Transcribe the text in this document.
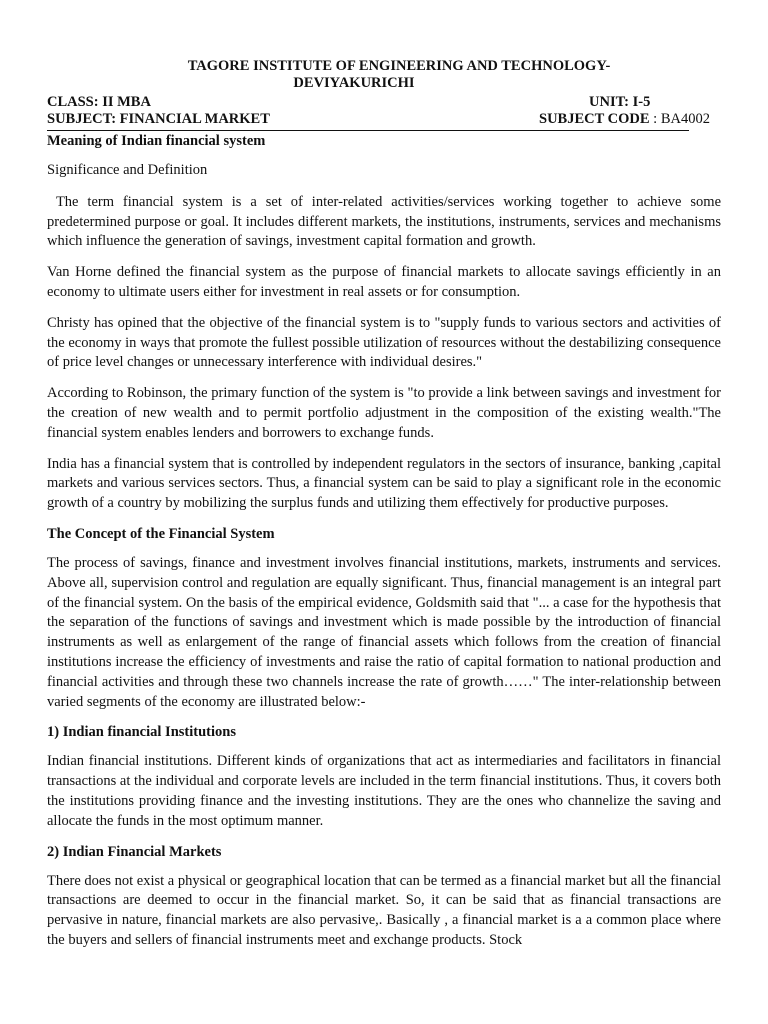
TAGORE INSTITUTE OF ENGINEERING AND TECHNOLOGY-
DEVIYAKURICHI
CLASS: II MBA	UNIT: I-5
SUBJECT: FINANCIAL MARKET	SUBJECT CODE : BA4002
Meaning of Indian financial system

Significance and Definition

The term financial system is a set of inter-related activities/services working together to achieve some predetermined purpose or goal. It includes different markets, the institutions, instruments, services and mechanisms which influence the generation of savings, investment capital formation and growth.

Van Horne defined the financial system as the purpose of financial markets to allocate savings efficiently in an economy to ultimate users either for investment in real assets or for consumption.

Christy has opined that the objective of the financial system is to "supply funds to various sectors and activities of the economy in ways that promote the fullest possible utilization of resources without the destabilizing consequence of price level changes or unnecessary interference with individual desires."

According to Robinson, the primary function of the system is "to provide a link between savings and investment for the creation of new wealth and to permit portfolio adjustment in the composition of the existing wealth."The financial system enables lenders and borrowers to exchange funds.

India has a financial system that is controlled by independent regulators in the sectors of insurance, banking ,capital markets and various services sectors. Thus, a financial system can be said to play a significant role in the economic growth of a country by mobilizing the surplus funds and utilizing them effectively for productive purposes.

The Concept of the Financial System

The process of savings, finance and investment involves financial institutions, markets, instruments and services. Above all, supervision control and regulation are equally significant. Thus, financial management is an integral part of the financial system. On the basis of the empirical evidence, Goldsmith said that "... a case for the hypothesis that the separation of the functions of savings and investment which is made possible by the introduction of financial instruments as well as enlargement of the range of financial assets which follows from the creation of financial institutions increase the efficiency of investments and raise the ratio of capital formation to national production and financial activities and through these two channels increase the rate of growth……" The inter-relationship between varied segments of the economy are illustrated below:-

1) Indian financial Institutions

Indian financial institutions. Different kinds of organizations that act as intermediaries and facilitators in financial transactions at the individual and corporate levels are included in the term financial institutions. Thus, it covers both the institutions providing finance and the investing institutions. They are the ones who channelize the saving and allocate the funds in the most optimum manner.

2) Indian Financial Markets

There does not exist a physical or geographical location that can be termed as a financial market but all the financial transactions are deemed to occur in the financial market. So, it can be said that as financial transactions are pervasive in nature, financial markets are also pervasive,. Basically , a financial market is a a common place where the buyers and sellers of financial instruments meet and exchange products. Stock
